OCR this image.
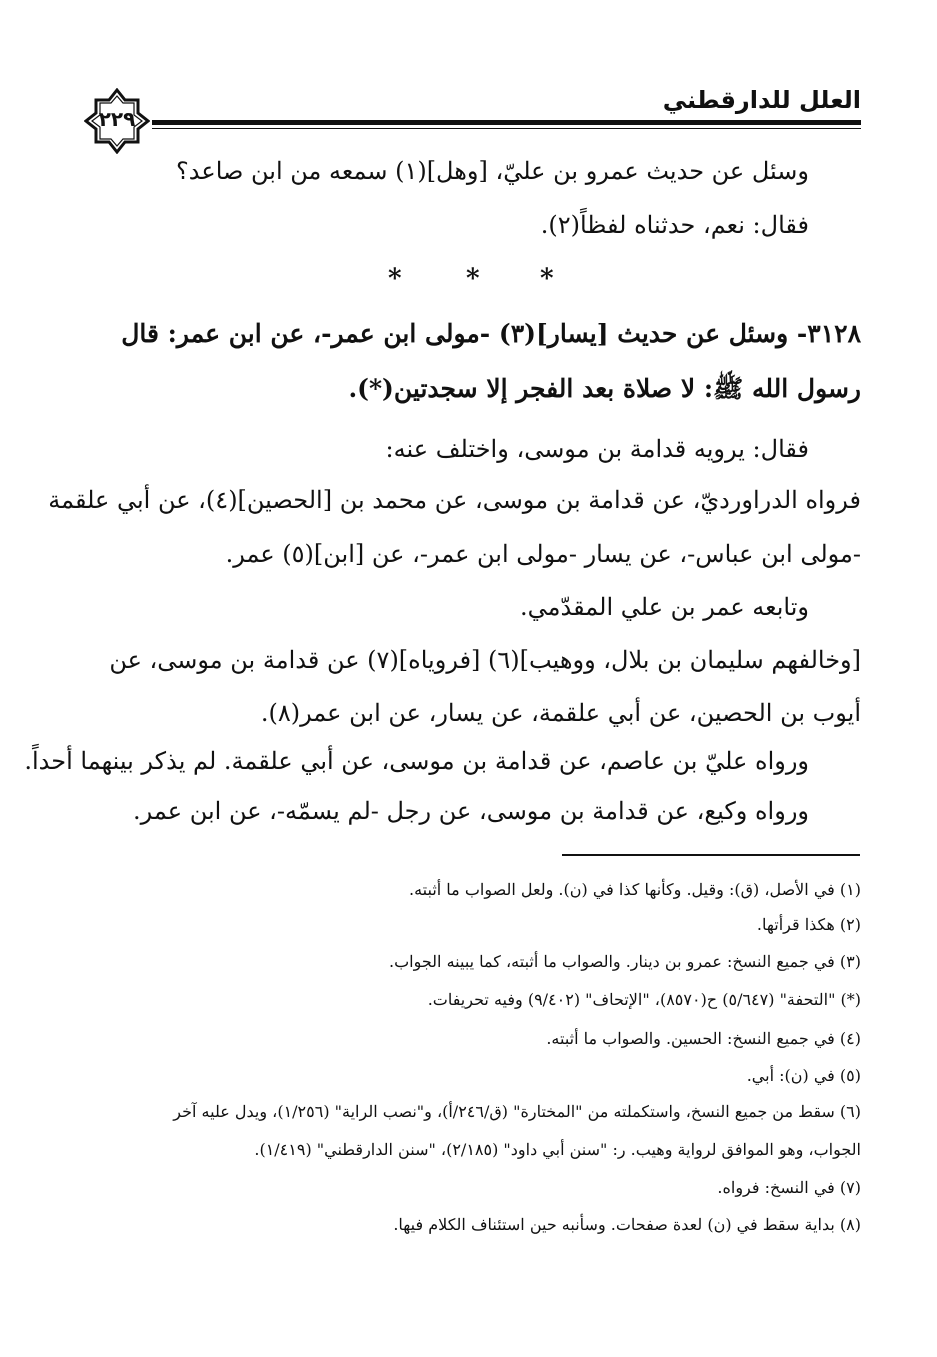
العلل للدارقطني
٢٢٩
وسئل عن حديث عمرو بن عليّ، [وهل](١) سمعه من ابن صاعد؟
فقال: نعم، حدثناه لفظاً(٢).
* * *
٣١٢٨- وسئل عن حديث [يسار](٣) -مولى ابن عمر-، عن ابن عمر: قال
رسول الله ﷺ: لا صلاة بعد الفجر إلا سجدتين(*).
فقال: يرويه قدامة بن موسى، واختلف عنه:
فرواه الدراورديّ، عن قدامة بن موسى، عن محمد بن [الحصين](٤)، عن أبي علقمة
-مولى ابن عباس-، عن يسار -مولى ابن عمر-، عن [ابن](٥) عمر.
وتابعه عمر بن علي المقدّمي.
[وخالفهم سليمان بن بلال، ووهيب](٦) [فروياه](٧) عن قدامة بن موسى، عن
أيوب بن الحصين، عن أبي علقمة، عن يسار، عن ابن عمر(٨).
ورواه عليّ بن عاصم، عن قدامة بن موسى، عن أبي علقمة. لم يذكر بينهما أحداً.
ورواه وكيع، عن قدامة بن موسى، عن رجل -لم يسمّه-، عن ابن عمر.
(١) في الأصل، (ق): وقيل. وكأنها كذا في (ن). ولعل الصواب ما أثبته.
(٢) هكذا قرأتها.
(٣) في جميع النسخ: عمرو بن دينار. والصواب ما أثبته، كما يبينه الجواب.
(*) "التحفة" (٥/٦٤٧) ح(٨٥٧٠)، "الإتحاف" (٩/٤٠٢) وفيه تحريفات.
(٤) في جميع النسخ: الحسين. والصواب ما أثبته.
(٥) في (ن): أبي.
(٦) سقط من جميع النسخ، واستكملته من "المختارة" (ق/٢٤٦/أ)، و"نصب الراية" (١/٢٥٦)، ويدل عليه آخر
الجواب، وهو الموافق لرواية وهيب. ر: "سنن أبي داود" (٢/١٨٥)، "سنن الدارقطني" (١/٤١٩).
(٧) في النسخ: فرواه.
(٨) بداية سقط في (ن) لعدة صفحات. وسأنبه حين استئناف الكلام فيها.
